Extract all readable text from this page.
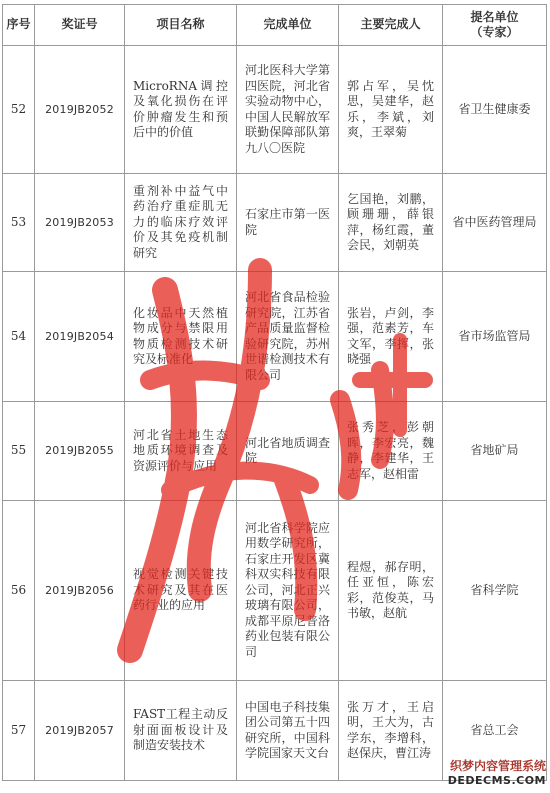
序号	奖证号	项目名称	完成单位	主要完成人	提名单位
（专家）

52	2019JB2052	MicroRNA调控及氧化损伤在评价肿瘤发生和预后中的价值	河北医科大学第四医院，河北省实验动物中心，中国人民解放军联勤保障部队第九八〇医院	郭占军，吴忱思，吴建华，赵乐，李斌，刘爽，王翠菊	省卫生健康委
53	2019JB2053	重剂补中益气中药治疗重症肌无力的临床疗效评价及其免疫机制研究	石家庄市第一医院	乞国艳，刘鹏，顾珊珊，薛银萍，杨红霞，董会民，刘朝英	省中医药管理局
54	2019JB2054	化妆品中天然植物成分与禁限用物质检测技术研究及标准化	河北省食品检验研究院，江苏省产品质量监督检验研究院，苏州世谱检测技术有限公司	张岩，卢剑，李强，范素芳，车文军，李挥，张晓强	省市场监管局
55	2019JB2055	河北省土地生态地质环境调查及资源评价与应用	河北省地质调查院	张秀芝，彭朝晖，李宏亮，魏静，李建华，王志军，赵相雷	省地矿局
56	2019JB2056	视觉检测关键技术研究及其在医药行业的应用	河北省科学院应用数学研究所，石家庄开发区冀科双实科技有限公司，河北正兴玻璃有限公司，成都平原尼普洛药业包装有限公司	程煜，郝存明，任亚恒，陈宏彩，范俊英，马书敏，赵航	省科学院
57	2019JB2057	FAST工程主动反射面面板设计及制造安装技术	中国电子科技集团公司第五十四研究所，中国科学院国家天文台	张万才，王启明，王大为，古学东，李增科，赵保庆，曹江涛	省总工会
织梦内容管理系统
DEDECMS.COM
